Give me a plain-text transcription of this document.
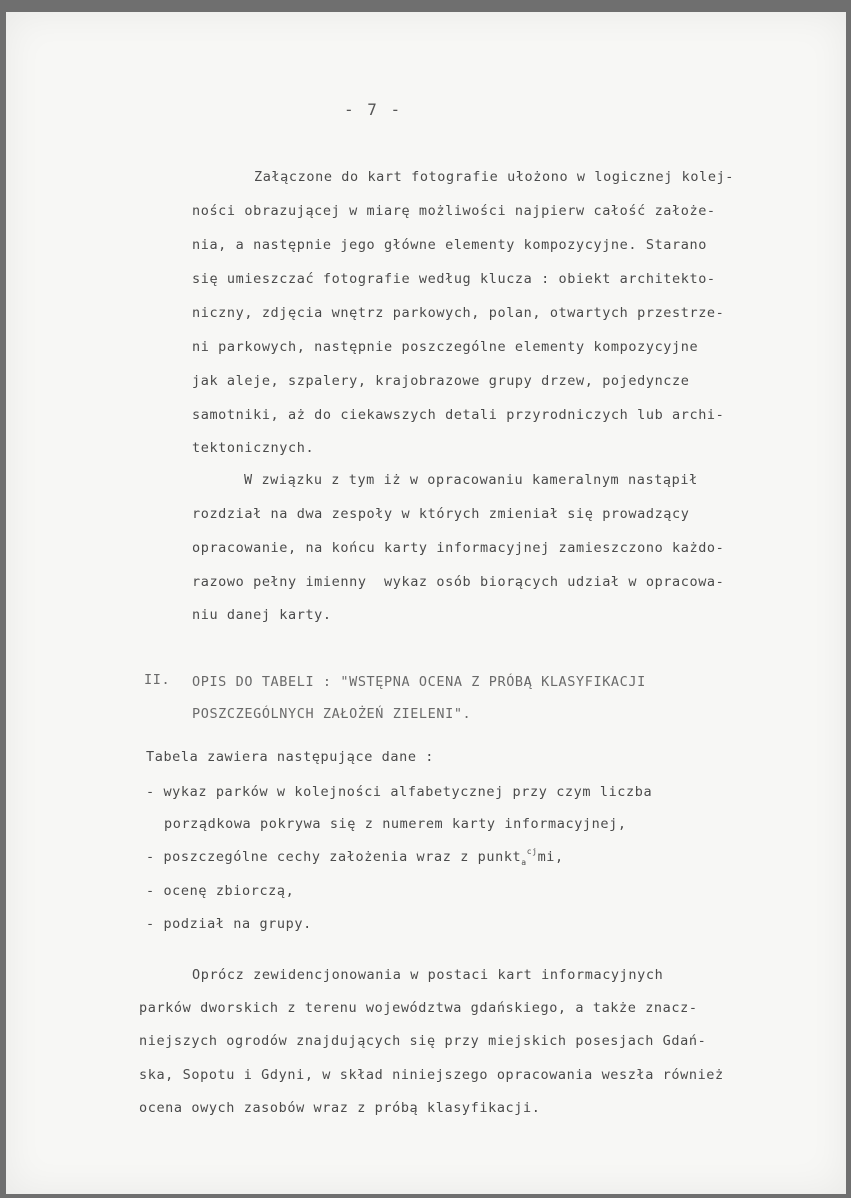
- 7 -
Załączone do kart fotografie ułożono w logicznej kolej-
ności obrazującej w miarę możliwości najpierw całość założe-
nia, a następnie jego główne elementy kompozycyjne. Starano
się umieszczać fotografie według klucza : obiekt architekto-
niczny, zdjęcia wnętrz parkowych, polan, otwartych przestrze-
ni parkowych, następnie poszczególne elementy kompozycyjne
jak aleje, szpalery, krajobrazowe grupy drzew, pojedyncze
samotniki, aż do ciekawszych detali przyrodniczych lub archi-
tektonicznych.
W związku z tym iż w opracowaniu kameralnym nastąpił
rozdział na dwa zespoły w których zmieniał się prowadzący
opracowanie, na końcu karty informacyjnej zamieszczono każdo-
razowo pełny imienny  wykaz osób biorących udział w opracowa-
niu danej karty.
II. OPIS DO TABELI : "WSTĘPNA OCENA Z PRÓBĄ KLASYFIKACJI
POSZCZEGÓLNYCH ZAŁOŻEŃ ZIELENI".
Tabela zawiera następujące dane :
- wykaz parków w kolejności alfabetycznej przy czym liczba
porządkowa pokrywa się z numerem karty informacyjnej,
- poszczególne cechy założenia wraz z punkt$_a^{cj}$mi,
- ocenę zbiorczą,
- podział na grupy.
Oprócz zewidencjonowania w postaci kart informacyjnych
parków dworskich z terenu województwa gdańskiego, a także znacz-
niejszych ogrodów znajdujących się przy miejskich posesjach Gdań-
ska, Sopotu i Gdyni, w skład niniejszego opracowania weszła również
ocena owych zasobów wraz z próbą klasyfikacji.
